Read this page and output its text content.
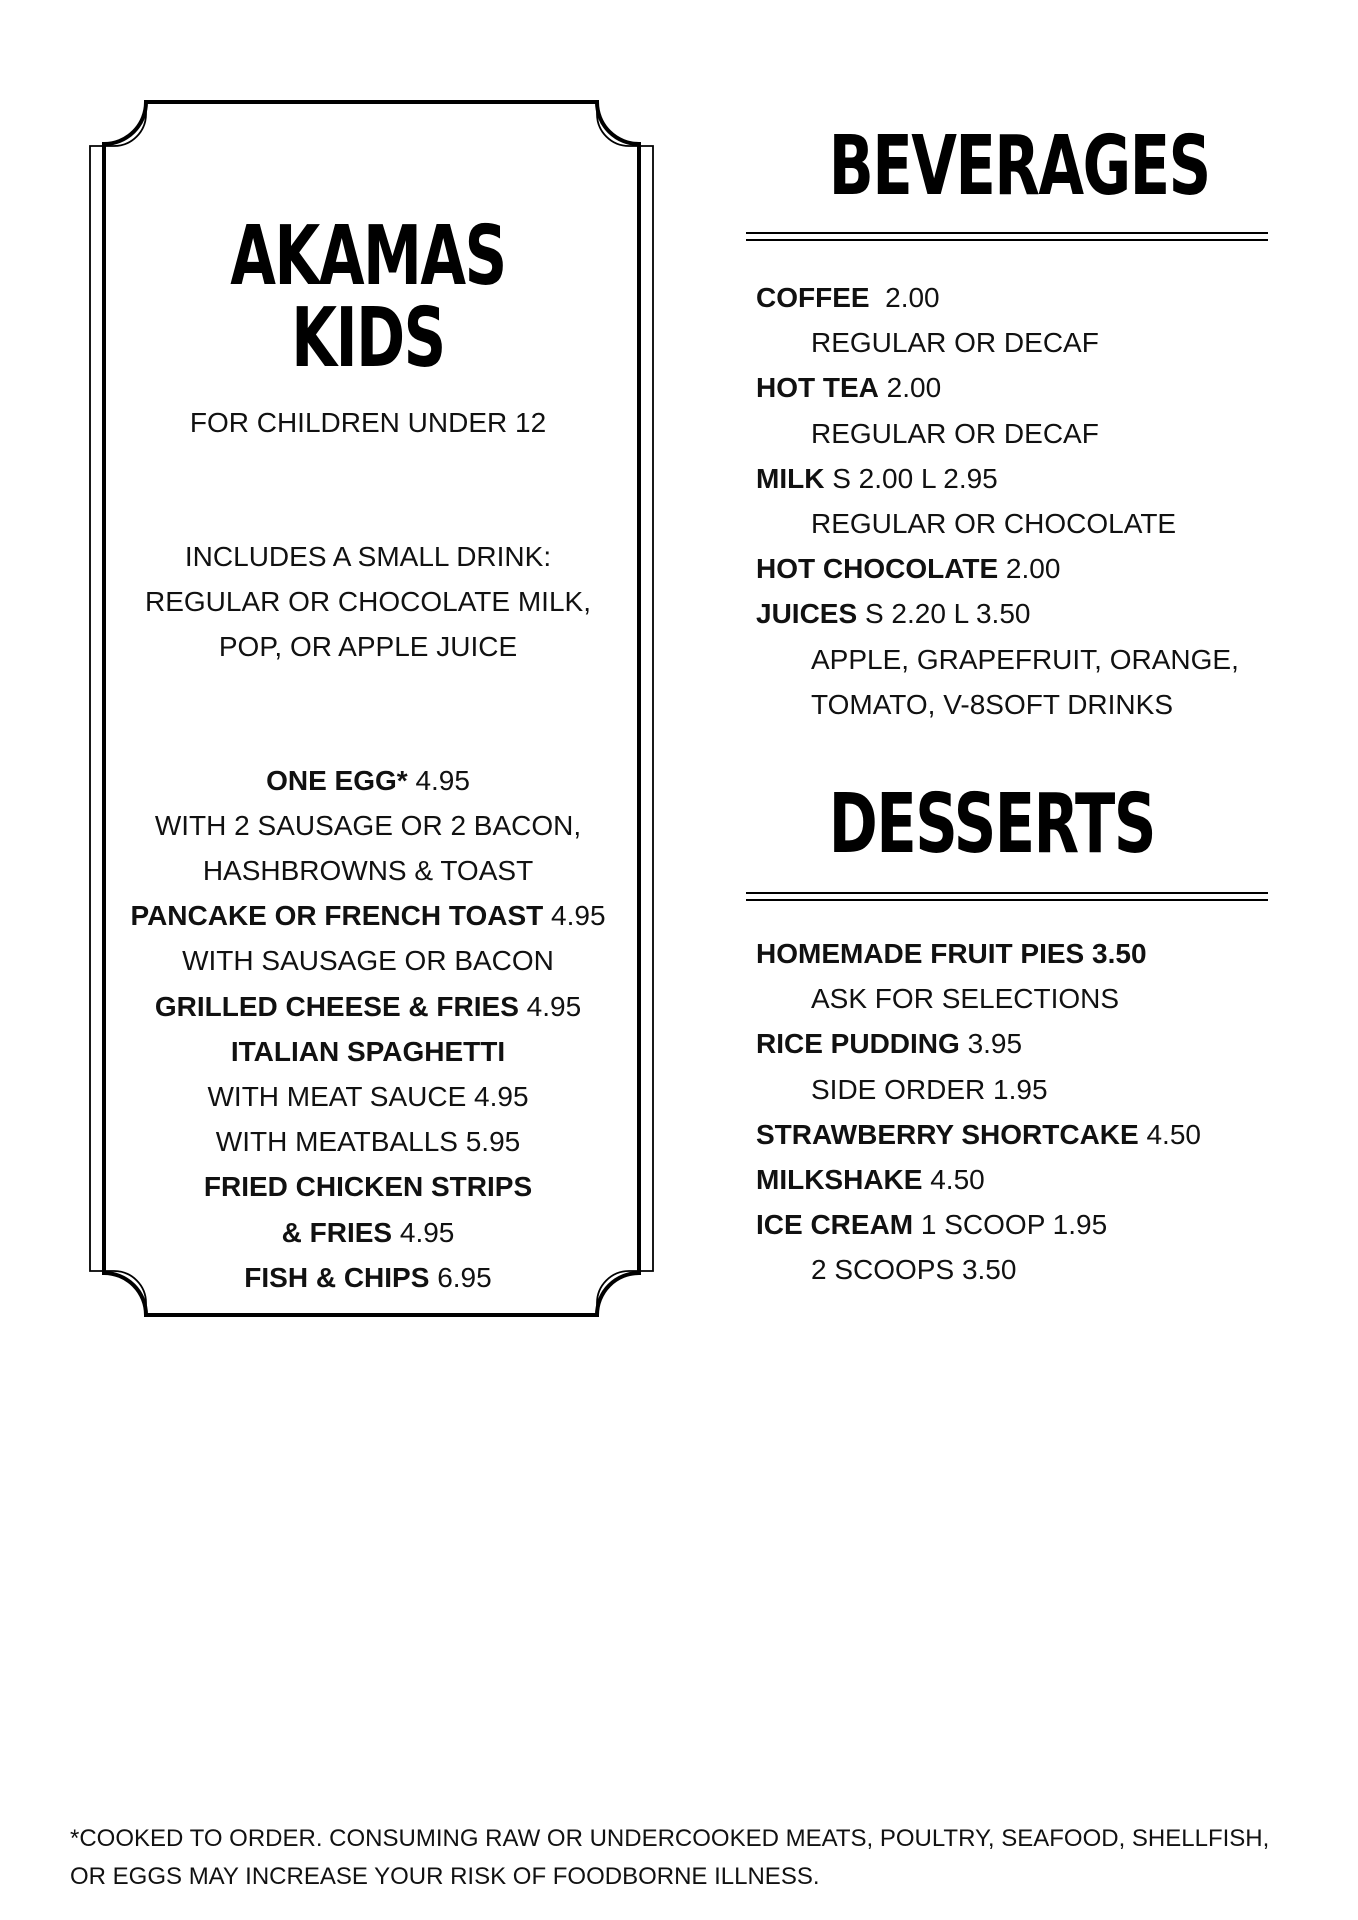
AKAMAS KIDS
FOR CHILDREN UNDER 12
INCLUDES A SMALL DRINK:
REGULAR OR CHOCOLATE MILK,
POP, OR APPLE JUICE
ONE EGG* 4.95
WITH 2 SAUSAGE OR 2 BACON,
HASHBROWNS & TOAST
PANCAKE OR FRENCH TOAST 4.95
WITH SAUSAGE OR BACON
GRILLED CHEESE & FRIES 4.95
ITALIAN SPAGHETTI
WITH MEAT SAUCE 4.95
WITH MEATBALLS 5.95
FRIED CHICKEN STRIPS
& FRIES 4.95
FISH & CHIPS 6.95
BEVERAGES
COFFEE 2.00
REGULAR OR DECAF
HOT TEA 2.00
REGULAR OR DECAF
MILK S 2.00 L 2.95
REGULAR OR CHOCOLATE
HOT CHOCOLATE 2.00
JUICES S 2.20 L 3.50
APPLE, GRAPEFRUIT, ORANGE,
TOMATO, V-8SOFT DRINKS
DESSERTS
HOMEMADE FRUIT PIES 3.50
ASK FOR SELECTIONS
RICE PUDDING 3.95
SIDE ORDER 1.95
STRAWBERRY SHORTCAKE 4.50
MILKSHAKE 4.50
ICE CREAM 1 SCOOP 1.95
2 SCOOPS 3.50
*COOKED TO ORDER. CONSUMING RAW OR UNDERCOOKED MEATS, POULTRY, SEAFOOD, SHELLFISH,
OR EGGS MAY INCREASE YOUR RISK OF FOODBORNE ILLNESS.
